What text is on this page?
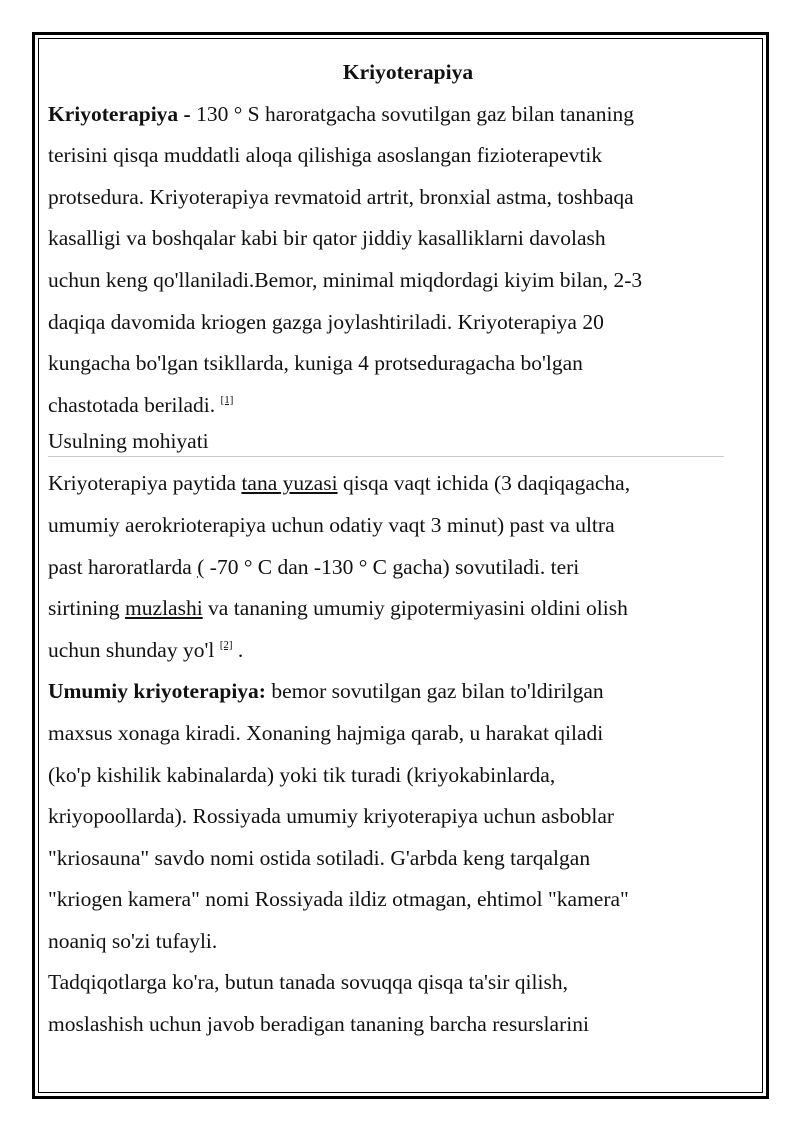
Kriyoterapiya

Kriyoterapiya - 130 ° S haroratgacha sovutilgan gaz bilan tananing

terisini qisqa muddatli aloqa qilishiga asoslangan fizioterapevtik

protsedura. Kriyoterapiya revmatoid artrit, bronxial astma, toshbaqa

kasalligi va boshqalar kabi bir qator jiddiy kasalliklarni davolash

uchun keng qo'llaniladi.Bemor, minimal miqdordagi kiyim bilan, 2-3

daqiqa davomida kriogen gazga joylashtiriladi. Kriyoterapiya 20

kungacha bo'lgan tsikllarda, kuniga 4 protseduragacha bo'lgan

chastotada beriladi. [1]

Usulning mohiyati

Kriyoterapiya paytida tana yuzasi qisqa vaqt ichida (3 daqiqagacha,

umumiy aerokrioterapiya uchun odatiy vaqt 3 minut) past va ultra

past haroratlarda ( -70 ° C dan -130 ° C gacha) sovutiladi. teri

sirtining muzlashi va tananing umumiy gipotermiyasini oldini olish

uchun shunday yo'l [2] .

Umumiy kriyoterapiya: bemor sovutilgan gaz bilan to'ldirilgan

maxsus xonaga kiradi. Xonaning hajmiga qarab, u harakat qiladi

(ko'p kishilik kabinalarda) yoki tik turadi (kriyokabinlarda,

kriyopoollarda). Rossiyada umumiy kriyoterapiya uchun asboblar

"kriosauna" savdo nomi ostida sotiladi. G'arbda keng tarqalgan

"kriogen kamera" nomi Rossiyada ildiz otmagan, ehtimol "kamera"

noaniq so'zi tufayli.

Tadqiqotlarga ko'ra, butun tanada sovuqqa qisqa ta'sir qilish,

moslashish uchun javob beradigan tananing barcha resurslarini
